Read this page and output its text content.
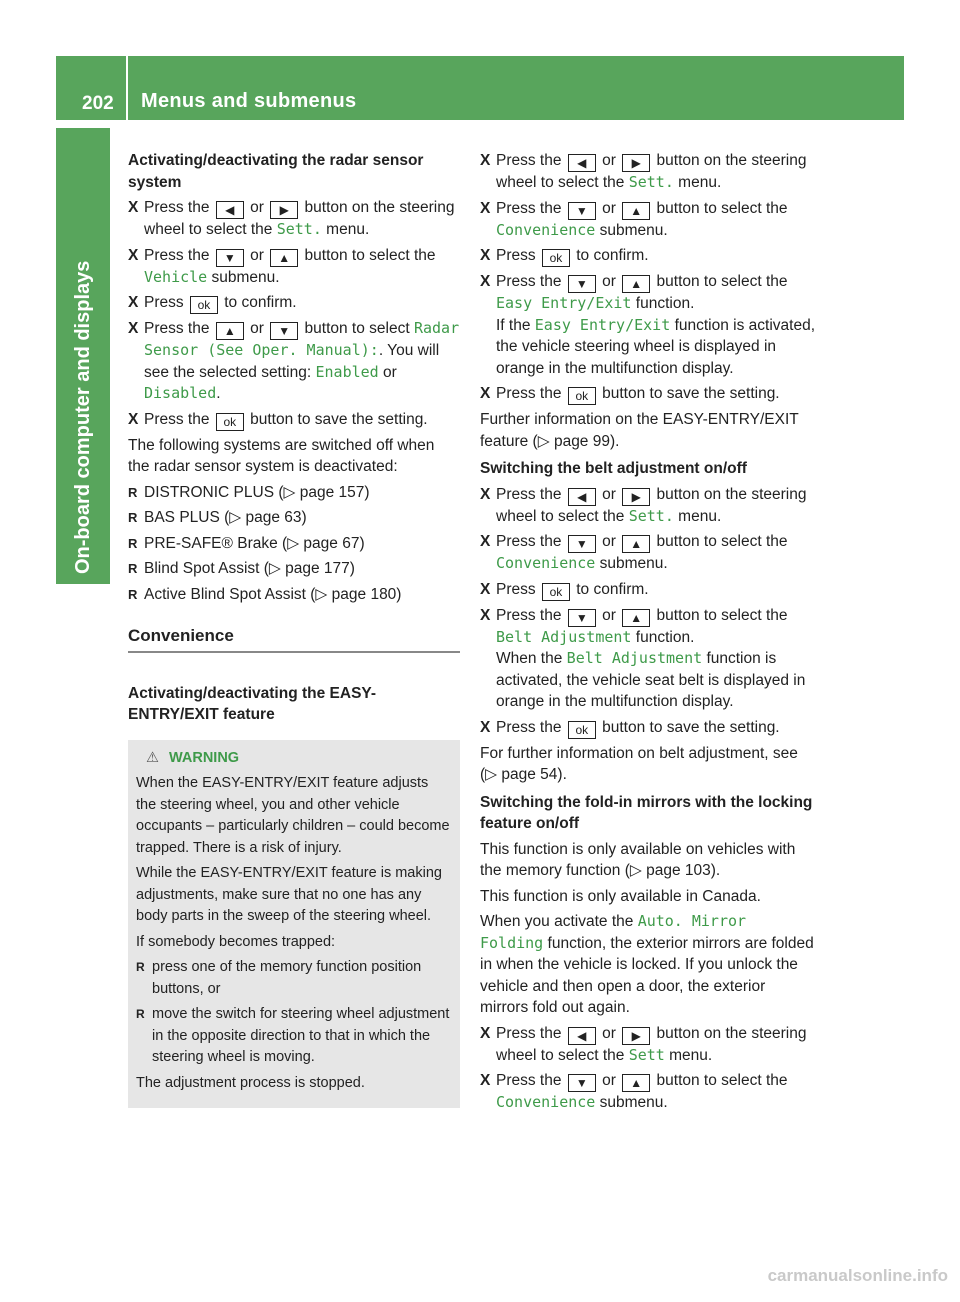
202 Menus and submenus
On-board computer and displays
Activating/deactivating the radar sensor system
X Press the ◀ or ▶ button on the steering wheel to select the Sett. menu.
X Press the ▼ or ▲ button to select the Vehicle submenu.
X Press ok to confirm.
X Press the ▲ or ▼ button to select Radar Sensor (See Oper. Manual):. You will see the selected setting: Enabled or Disabled.
X Press the ok button to save the setting.
The following systems are switched off when the radar sensor system is deactivated:
R DISTRONIC PLUS (▷ page 157)
R BAS PLUS (▷ page 63)
R PRE-SAFE® Brake (▷ page 67)
R Blind Spot Assist (▷ page 177)
R Active Blind Spot Assist (▷ page 180)
Convenience
Activating/deactivating the EASY-ENTRY/EXIT feature
⚠ WARNING
When the EASY-ENTRY/EXIT feature adjusts the steering wheel, you and other vehicle occupants – particularly children – could become trapped. There is a risk of injury.
While the EASY-ENTRY/EXIT feature is making adjustments, make sure that no one has any body parts in the sweep of the steering wheel.
If somebody becomes trapped:
R press one of the memory function position buttons, or
R move the switch for steering wheel adjustment in the opposite direction to that in which the steering wheel is moving.
The adjustment process is stopped.
X Press the ◀ or ▶ button on the steering wheel to select the Sett. menu.
X Press the ▼ or ▲ button to select the Convenience submenu.
X Press ok to confirm.
X Press the ▼ or ▲ button to select the Easy Entry/Exit function.
If the Easy Entry/Exit function is activated, the vehicle steering wheel is displayed in orange in the multifunction display.
X Press the ok button to save the setting.
Further information on the EASY-ENTRY/EXIT feature (▷ page 99).
Switching the belt adjustment on/off
X Press the ◀ or ▶ button on the steering wheel to select the Sett. menu.
X Press the ▼ or ▲ button to select the Convenience submenu.
X Press ok to confirm.
X Press the ▼ or ▲ button to select the Belt Adjustment function.
When the Belt Adjustment function is activated, the vehicle seat belt is displayed in orange in the multifunction display.
X Press the ok button to save the setting.
For further information on belt adjustment, see (▷ page 54).
Switching the fold-in mirrors with the locking feature on/off
This function is only available on vehicles with the memory function (▷ page 103).
This function is only available in Canada.
When you activate the Auto. Mirror Folding function, the exterior mirrors are folded in when the vehicle is locked. If you unlock the vehicle and then open a door, the exterior mirrors fold out again.
X Press the ◀ or ▶ button on the steering wheel to select the Sett menu.
X Press the ▼ or ▲ button to select the Convenience submenu.
carmanualsonline.info
